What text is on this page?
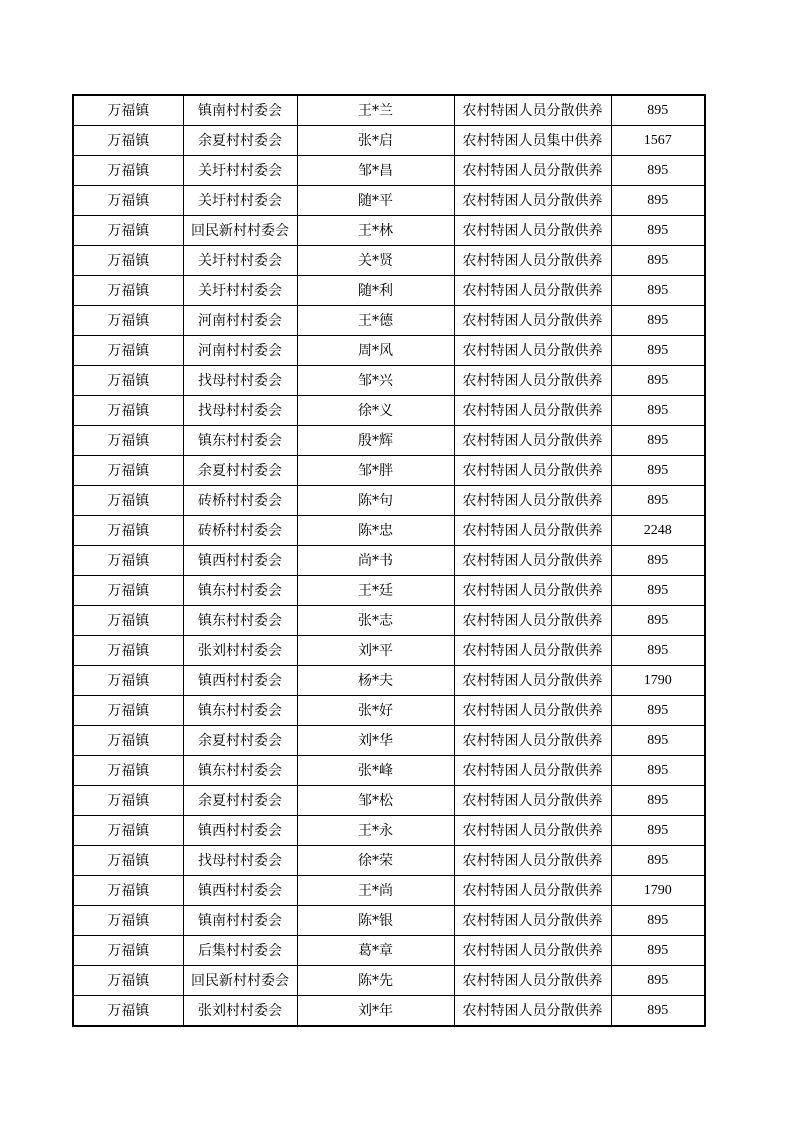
万福镇	镇南村村委会	王*兰	农村特困人员分散供养	895
万福镇	余夏村村委会	张*启	农村特困人员集中供养	1567
万福镇	关圩村村委会	邹*昌	农村特困人员分散供养	895
万福镇	关圩村村委会	随*平	农村特困人员分散供养	895
万福镇	回民新村村委会	王*林	农村特困人员分散供养	895
万福镇	关圩村村委会	关*贤	农村特困人员分散供养	895
万福镇	关圩村村委会	随*利	农村特困人员分散供养	895
万福镇	河南村村委会	王*德	农村特困人员分散供养	895
万福镇	河南村村委会	周*风	农村特困人员分散供养	895
万福镇	找母村村委会	邹*兴	农村特困人员分散供养	895
万福镇	找母村村委会	徐*义	农村特困人员分散供养	895
万福镇	镇东村村委会	殷*辉	农村特困人员分散供养	895
万福镇	余夏村村委会	邹*胖	农村特困人员分散供养	895
万福镇	砖桥村村委会	陈*句	农村特困人员分散供养	895
万福镇	砖桥村村委会	陈*忠	农村特困人员分散供养	2248
万福镇	镇西村村委会	尚*书	农村特困人员分散供养	895
万福镇	镇东村村委会	王*廷	农村特困人员分散供养	895
万福镇	镇东村村委会	张*志	农村特困人员分散供养	895
万福镇	张刘村村委会	刘*平	农村特困人员分散供养	895
万福镇	镇西村村委会	杨*夫	农村特困人员分散供养	1790
万福镇	镇东村村委会	张*好	农村特困人员分散供养	895
万福镇	余夏村村委会	刘*华	农村特困人员分散供养	895
万福镇	镇东村村委会	张*峰	农村特困人员分散供养	895
万福镇	余夏村村委会	邹*松	农村特困人员分散供养	895
万福镇	镇西村村委会	王*永	农村特困人员分散供养	895
万福镇	找母村村委会	徐*荣	农村特困人员分散供养	895
万福镇	镇西村村委会	王*尚	农村特困人员分散供养	1790
万福镇	镇南村村委会	陈*银	农村特困人员分散供养	895
万福镇	后集村村委会	葛*章	农村特困人员分散供养	895
万福镇	回民新村村委会	陈*先	农村特困人员分散供养	895
万福镇	张刘村村委会	刘*年	农村特困人员分散供养	895
